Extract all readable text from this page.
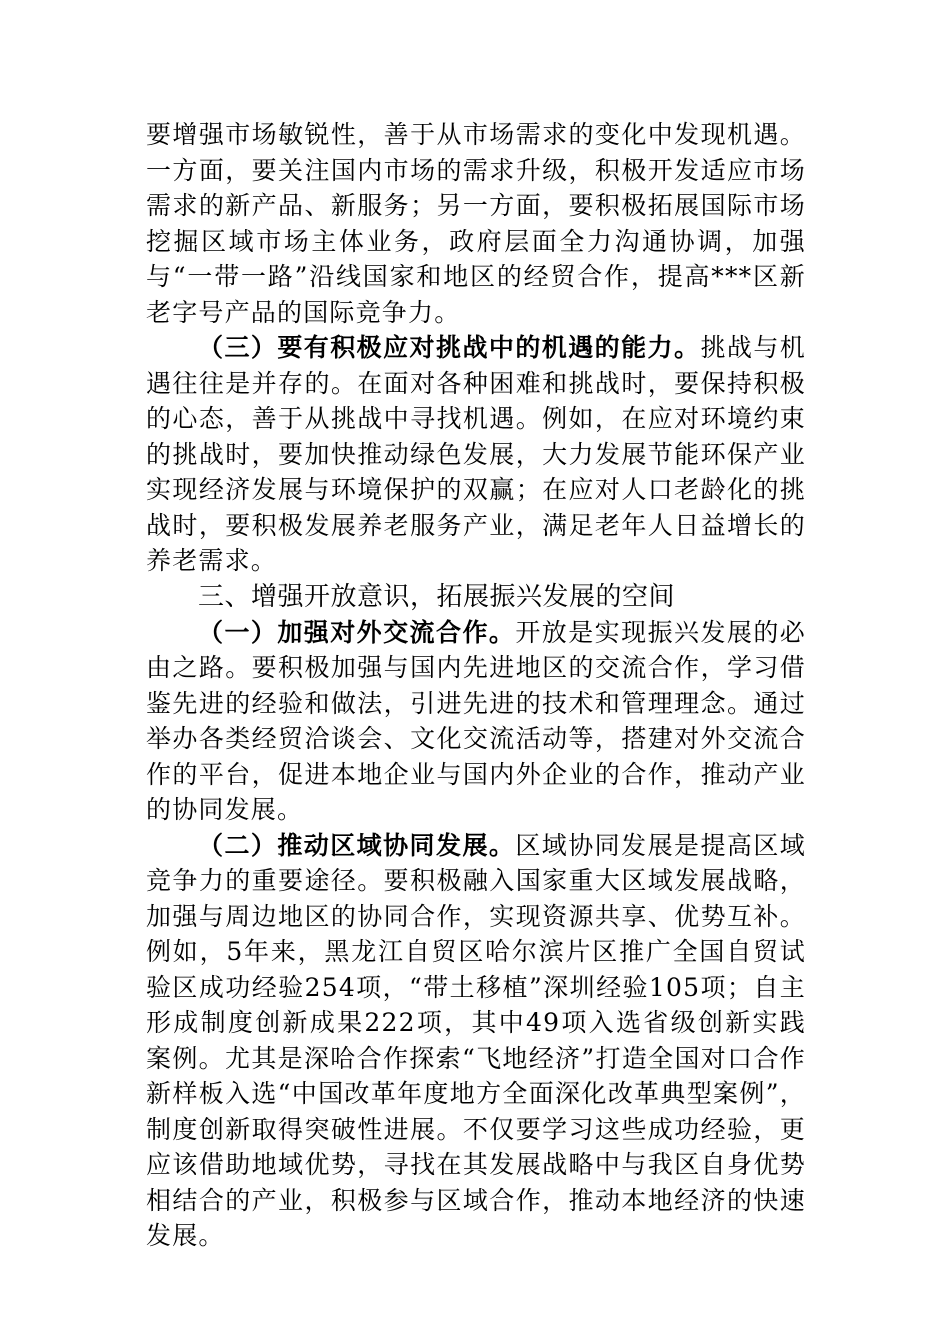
要增强市场敏锐性，善于从市场需求的变化中发现机遇。一方面，要关注国内市场的需求升级，积极开发适应市场需求的新产品、新服务；另一方面，要积极拓展国际市场挖掘区域市场主体业务，政府层面全力沟通协调，加强与“一带一路”沿线国家和地区的经贸合作，提高***区新老字号产品的国际竞争力。

（三）要有积极应对挑战中的机遇的能力。挑战与机遇往往是并存的。在面对各种困难和挑战时，要保持积极的心态，善于从挑战中寻找机遇。例如，在应对环境约束的挑战时，要加快推动绿色发展，大力发展节能环保产业实现经济发展与环境保护的双赢；在应对人口老龄化的挑战时，要积极发展养老服务产业，满足老年人日益增长的养老需求。

三、增强开放意识，拓展振兴发展的空间

（一）加强对外交流合作。开放是实现振兴发展的必由之路。要积极加强与国内先进地区的交流合作，学习借鉴先进的经验和做法，引进先进的技术和管理理念。通过举办各类经贸洽谈会、文化交流活动等，搭建对外交流合作的平台，促进本地企业与国内外企业的合作，推动产业的协同发展。

（二）推动区域协同发展。区域协同发展是提高区域竞争力的重要途径。要积极融入国家重大区域发展战略，加强与周边地区的协同合作，实现资源共享、优势互补。例如，5年来，黑龙江自贸区哈尔滨片区推广全国自贸试验区成功经验254项，“带土移植”深圳经验105项；自主形成制度创新成果222项，其中49项入选省级创新实践案例。尤其是深哈合作探索“飞地经济”打造全国对口合作新样板入选“中国改革年度地方全面深化改革典型案例”，制度创新取得突破性进展。不仅要学习这些成功经验，更应该借助地域优势，寻找在其发展战略中与我区自身优势相结合的产业，积极参与区域合作，推动本地经济的快速发展。
